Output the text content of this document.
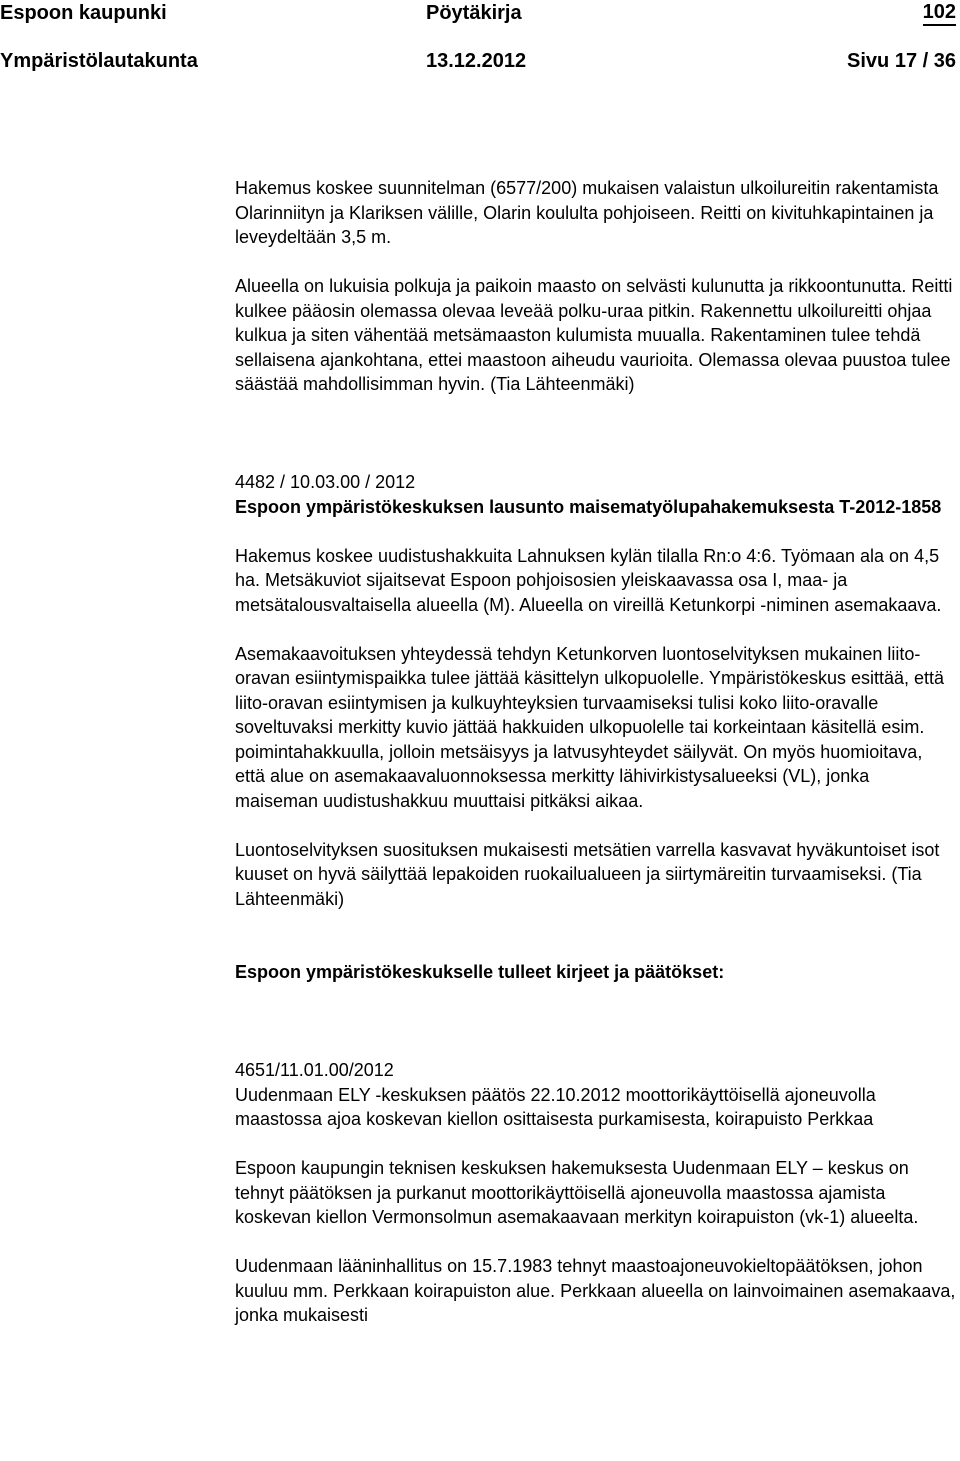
Espoon kaupunki	Pöytäkirja	102
Ympäristölautakunta	13.12.2012	Sivu 17 / 36

Hakemus koskee suunnitelman (6577/200) mukaisen valaistun ulkoilureitin rakentamista Olarinniityn ja Klariksen välille, Olarin koululta pohjoiseen. Reitti on kivituhkapintainen ja leveydeltään 3,5 m.

Alueella on lukuisia polkuja ja paikoin maasto on selvästi kulunutta ja rikkoontunutta. Reitti kulkee pääosin olemassa olevaa leveää polku-uraa pitkin. Rakennettu ulkoilureitti ohjaa kulkua ja siten vähentää metsämaaston kulumista muualla. Rakentaminen tulee tehdä sellaisena ajankohtana, ettei maastoon aiheudu vaurioita. Olemassa olevaa puustoa tulee säästää mahdollisimman hyvin. (Tia Lähteenmäki)

4482 / 10.03.00 / 2012

Espoon ympäristökeskuksen lausunto maisematyölupahakemuksesta T-2012-1858

Hakemus koskee uudistushakkuita Lahnuksen kylän tilalla Rn:o 4:6. Työmaan ala on 4,5 ha. Metsäkuviot sijaitsevat Espoon pohjoisosien yleiskaavassa osa I, maa- ja metsätalousvaltaisella alueella (M). Alueella on vireillä Ketunkorpi -niminen asemakaava.

Asemakaavoituksen yhteydessä tehdyn Ketunkorven luontoselvityksen mukainen liito-oravan esiintymispaikka tulee jättää käsittelyn ulkopuolelle. Ympäristökeskus esittää, että liito-oravan esiintymisen ja kulkuyhteyksien turvaamiseksi tulisi koko liito-oravalle soveltuvaksi merkitty kuvio jättää hakkuiden ulkopuolelle tai korkeintaan käsitellä esim. poimintahakkuulla, jolloin metsäisyys ja latvusyhteydet säilyvät. On myös huomioitava, että alue on asemakaavaluonnoksessa merkitty lähivirkistysalueeksi (VL), jonka maiseman uudistushakkuu muuttaisi pitkäksi aikaa.

Luontoselvityksen suosituksen mukaisesti metsätien varrella kasvavat hyväkuntoiset isot kuuset on hyvä säilyttää lepakoiden ruokailualueen ja siirtymäreitin turvaamiseksi. (Tia Lähteenmäki)

Espoon ympäristökeskukselle tulleet kirjeet ja päätökset:

4651/11.01.00/2012

Uudenmaan ELY -keskuksen päätös 22.10.2012 moottorikäyttöisellä ajoneuvolla maastossa ajoa koskevan kiellon osittaisesta purkamisesta, koirapuisto Perkkaa

Espoon kaupungin teknisen keskuksen hakemuksesta Uudenmaan ELY – keskus on tehnyt päätöksen ja purkanut moottorikäyttöisellä ajoneuvolla maastossa ajamista koskevan kiellon Vermonsolmun asemakaavaan merkityn koirapuiston (vk-1) alueelta.

Uudenmaan lääninhallitus on 15.7.1983 tehnyt maastoajoneuvokieltopäätöksen, johon kuuluu mm. Perkkaan koirapuiston alue. Perkkaan alueella on lainvoimainen asemakaava, jonka mukaisesti
